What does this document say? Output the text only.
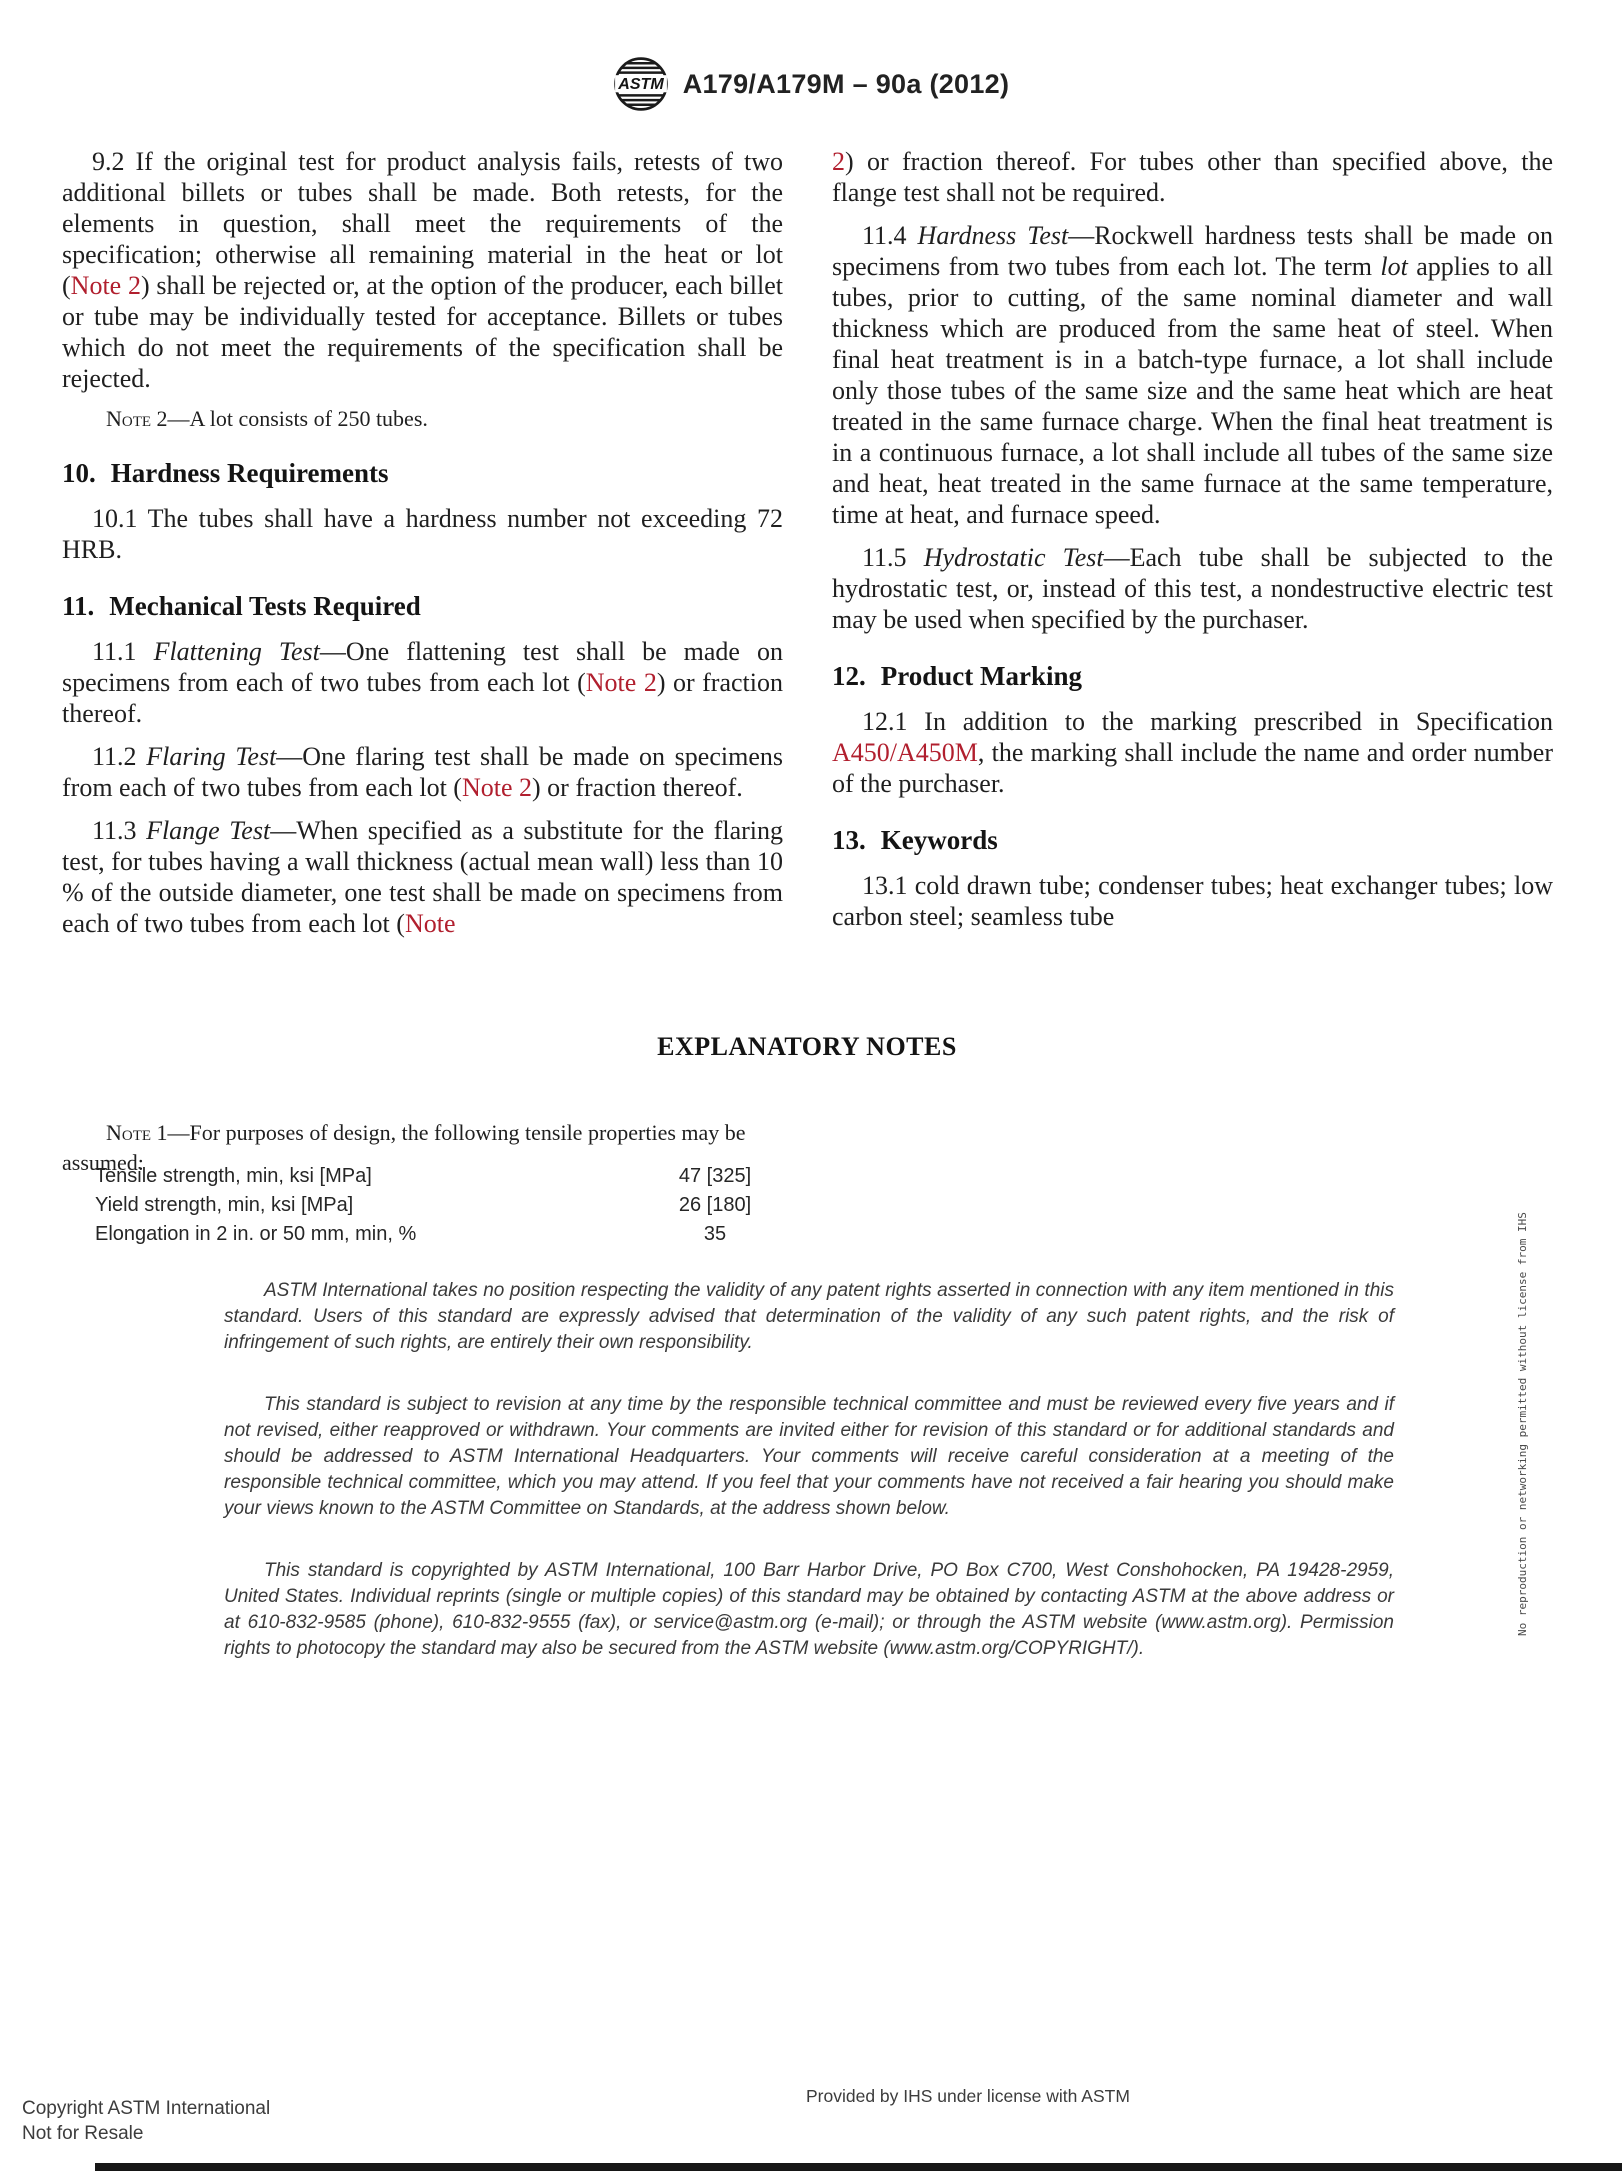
ASTM A179/A179M – 90a (2012)

9.2 If the original test for product analysis fails, retests of two additional billets or tubes shall be made. Both retests, for the elements in question, shall meet the requirements of the specification; otherwise all remaining material in the heat or lot (Note 2) shall be rejected or, at the option of the producer, each billet or tube may be individually tested for acceptance. Billets or tubes which do not meet the requirements of the specification shall be rejected.

Note 2—A lot consists of 250 tubes.

10. Hardness Requirements

10.1 The tubes shall have a hardness number not exceeding 72 HRB.

11. Mechanical Tests Required

11.1 Flattening Test—One flattening test shall be made on specimens from each of two tubes from each lot (Note 2) or fraction thereof.

11.2 Flaring Test—One flaring test shall be made on specimens from each of two tubes from each lot (Note 2) or fraction thereof.

11.3 Flange Test—When specified as a substitute for the flaring test, for tubes having a wall thickness (actual mean wall) less than 10 % of the outside diameter, one test shall be made on specimens from each of two tubes from each lot (Note

2) or fraction thereof. For tubes other than specified above, the flange test shall not be required.

11.4 Hardness Test—Rockwell hardness tests shall be made on specimens from two tubes from each lot. The term lot applies to all tubes, prior to cutting, of the same nominal diameter and wall thickness which are produced from the same heat of steel. When final heat treatment is in a batch-type furnace, a lot shall include only those tubes of the same size and the same heat which are heat treated in the same furnace charge. When the final heat treatment is in a continuous furnace, a lot shall include all tubes of the same size and heat, heat treated in the same furnace at the same temperature, time at heat, and furnace speed.

11.5 Hydrostatic Test—Each tube shall be subjected to the hydrostatic test, or, instead of this test, a nondestructive electric test may be used when specified by the purchaser.

12. Product Marking

12.1 In addition to the marking prescribed in Specification A450/A450M, the marking shall include the name and order number of the purchaser.

13. Keywords

13.1 cold drawn tube; condenser tubes; heat exchanger tubes; low carbon steel; seamless tube

EXPLANATORY NOTES

Note 1—For purposes of design, the following tensile properties may be assumed:

Tensile strength, min, ksi [MPa]	47 [325]
Yield strength, min, ksi [MPa]	26 [180]
Elongation in 2 in. or 50 mm, min, %	35

ASTM International takes no position respecting the validity of any patent rights asserted in connection with any item mentioned in this standard. Users of this standard are expressly advised that determination of the validity of any such patent rights, and the risk of infringement of such rights, are entirely their own responsibility.

This standard is subject to revision at any time by the responsible technical committee and must be reviewed every five years and if not revised, either reapproved or withdrawn. Your comments are invited either for revision of this standard or for additional standards and should be addressed to ASTM International Headquarters. Your comments will receive careful consideration at a meeting of the responsible technical committee, which you may attend. If you feel that your comments have not received a fair hearing you should make your views known to the ASTM Committee on Standards, at the address shown below.

This standard is copyrighted by ASTM International, 100 Barr Harbor Drive, PO Box C700, West Conshohocken, PA 19428-2959, United States. Individual reprints (single or multiple copies) of this standard may be obtained by contacting ASTM at the above address or at 610-832-9585 (phone), 610-832-9555 (fax), or service@astm.org (e-mail); or through the ASTM website (www.astm.org). Permission rights to photocopy the standard may also be secured from the ASTM website (www.astm.org/COPYRIGHT/).

Copyright ASTM International
Not for Resale
Provided by IHS under license with ASTM
No reproduction or networking permitted without license from IHS
